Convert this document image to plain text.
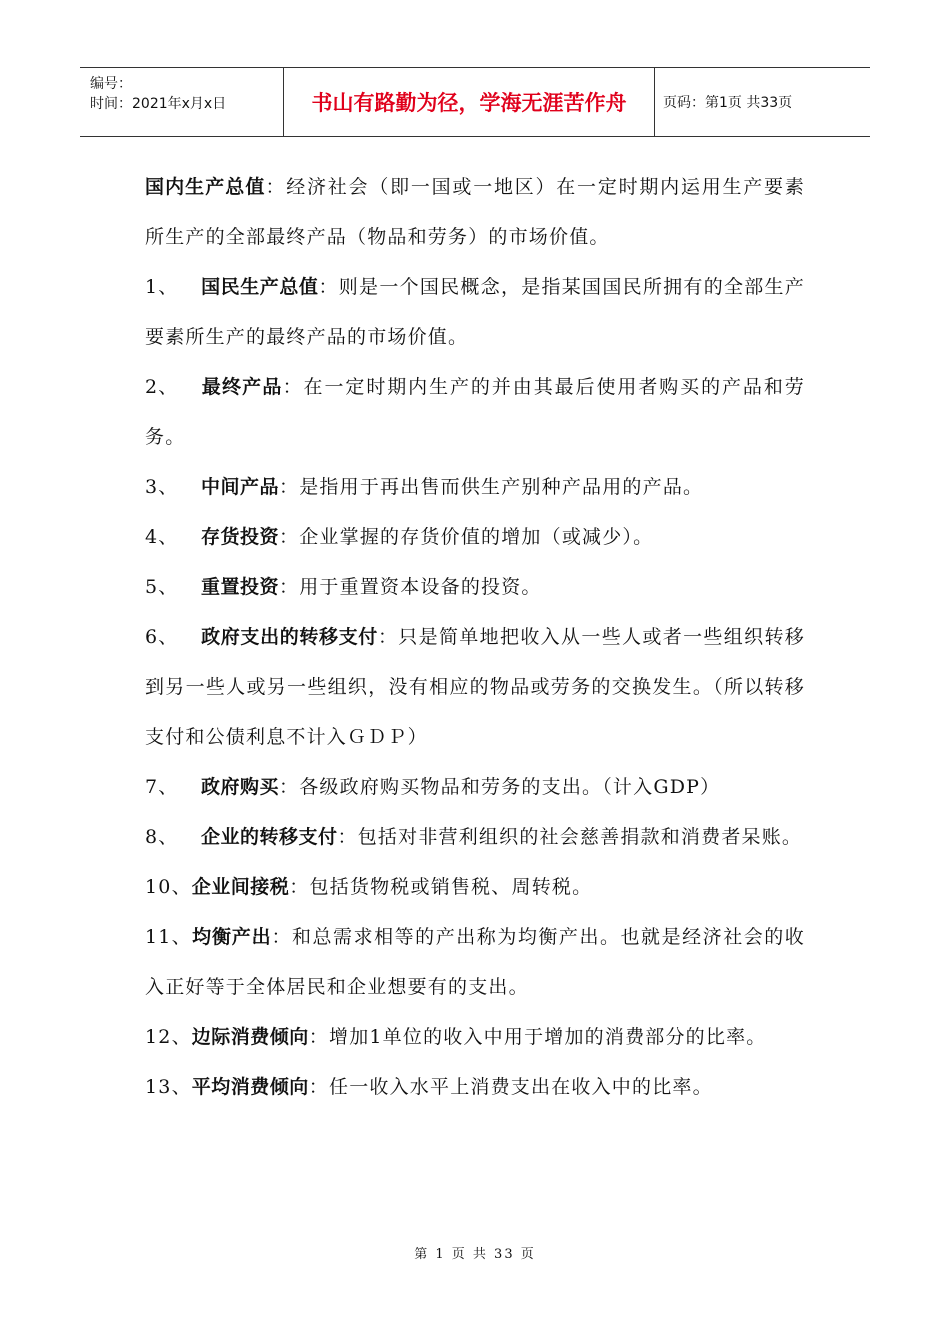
编号：
时间：2021年x月x日	书山有路勤为径，学海无涯苦作舟	页码：第1页 共33页

国内生产总值：经济社会（即一国或一地区）在一定时期内运用生产要素所生产的全部最终产品（物品和劳务）的市场价值。

1、 国民生产总值：则是一个国民概念，是指某国国民所拥有的全部生产要素所生产的最终产品的市场价值。

2、 最终产品：在一定时期内生产的并由其最后使用者购买的产品和劳务。

3、 中间产品：是指用于再出售而供生产别种产品用的产品。

4、 存货投资：企业掌握的存货价值的增加（或减少）。

5、 重置投资：用于重置资本设备的投资。

6、 政府支出的转移支付：只是简单地把收入从一些人或者一些组织转移到另一些人或另一些组织，没有相应的物品或劳务的交换发生。（所以转移支付和公债利息不计入ＧＤＰ）

7、 政府购买：各级政府购买物品和劳务的支出。（计入GDP）

8、 企业的转移支付：包括对非营利组织的社会慈善捐款和消费者呆账。

10、企业间接税：包括货物税或销售税、周转税。

11、均衡产出：和总需求相等的产出称为均衡产出。也就是经济社会的收入正好等于全体居民和企业想要有的支出。

12、边际消费倾向：增加1单位的收入中用于增加的消费部分的比率。

13、平均消费倾向：任一收入水平上消费支出在收入中的比率。

第 1 页 共 33 页
